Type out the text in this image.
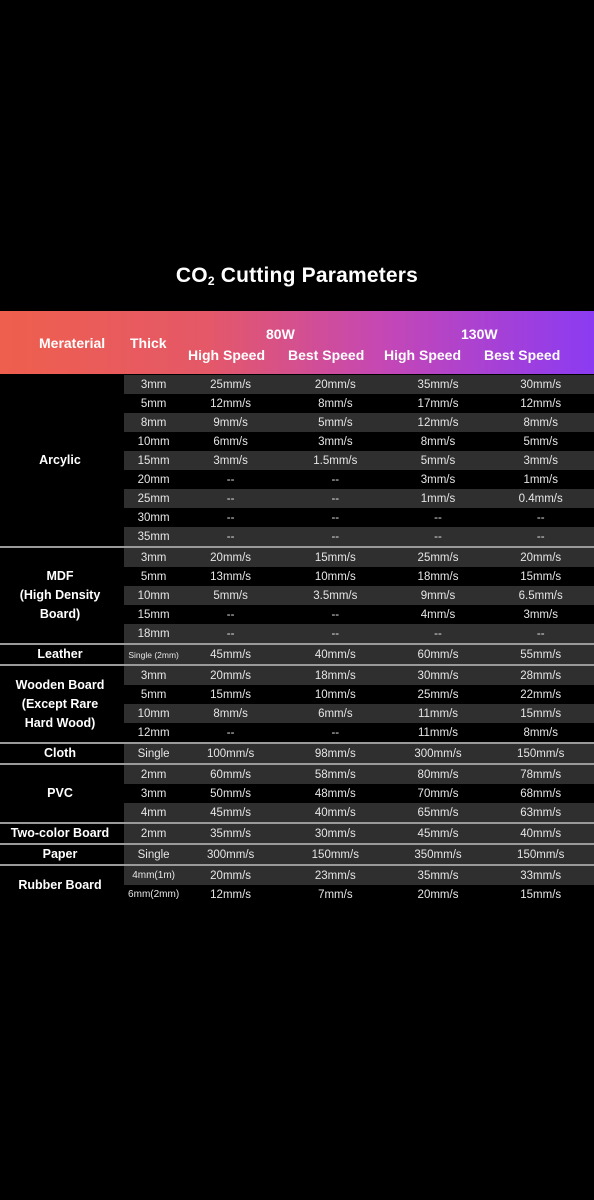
$CO_2$ Cutting Parameters
Meraterial Thick
80W	130W
High Speed Best Speed High Speed Best Speed
Arcylic
3mm	25mm/s	20mm/s	35mm/s	30mm/s
5mm	12mm/s	8mm/s	17mm/s	12mm/s
8mm	9mm/s	5mm/s	12mm/s	8mm/s
10mm	6mm/s	3mm/s	8mm/s	5mm/s
15mm	3mm/s	1.5mm/s	5mm/s	3mm/s
20mm	--	--	3mm/s	1mm/s
25mm	--	--	1mm/s	0.4mm/s
30mm	--	--	--	--
35mm	--	--	--	--
MDF
(High Density
Board)
3mm	20mm/s	15mm/s	25mm/s	20mm/s
5mm	13mm/s	10mm/s	18mm/s	15mm/s
10mm	5mm/s	3.5mm/s	9mm/s	6.5mm/s
15mm	--	--	4mm/s	3mm/s
18mm	--	--	--	--
Leather	Single (2mm)	45mm/s	40mm/s	60mm/s	55mm/s
Wooden Board
(Except Rare
Hard Wood)
3mm	20mm/s	18mm/s	30mm/s	28mm/s
5mm	15mm/s	10mm/s	25mm/s	22mm/s
10mm	8mm/s	6mm/s	11mm/s	15mm/s
12mm	--	--	11mm/s	8mm/s
Cloth	Single	100mm/s	98mm/s	300mm/s	150mm/s
PVC
2mm	60mm/s	58mm/s	80mm/s	78mm/s
3mm	50mm/s	48mm/s	70mm/s	68mm/s
4mm	45mm/s	40mm/s	65mm/s	63mm/s
Two-color Board	2mm	35mm/s	30mm/s	45mm/s	40mm/s
Paper	Single	300mm/s	150mm/s	350mm/s	150mm/s
Rubber Board
4mm(1m)	20mm/s	23mm/s	35mm/s	33mm/s
6mm(2mm)	12mm/s	7mm/s	20mm/s	15mm/s
